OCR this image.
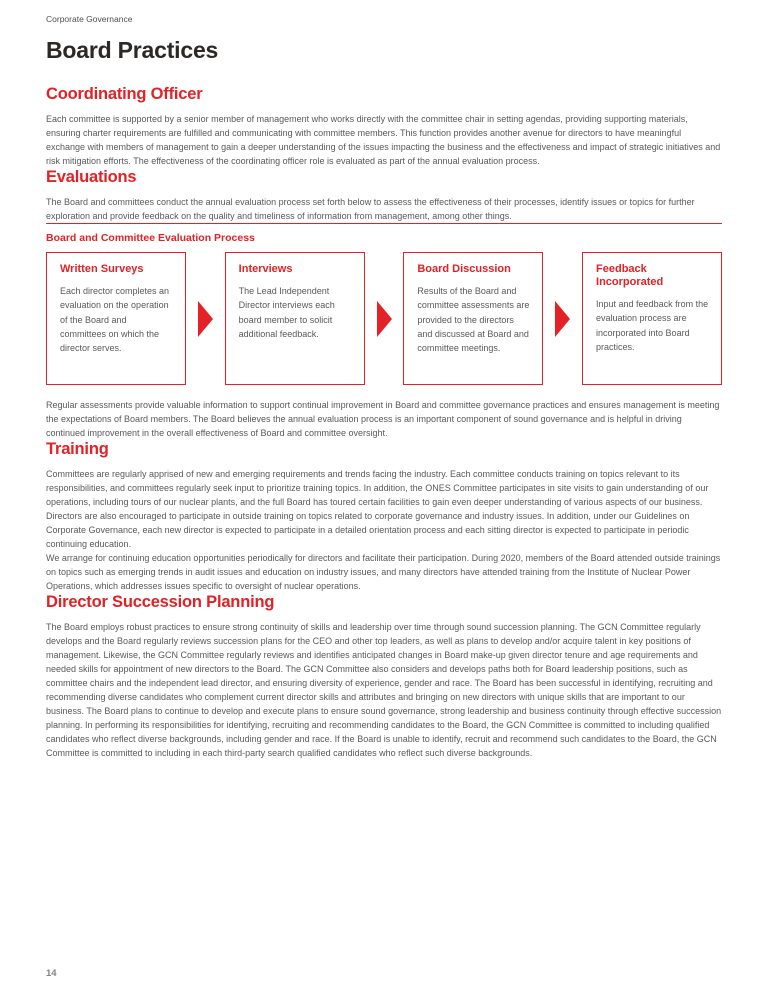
Corporate Governance
Board Practices
Coordinating Officer

Each committee is supported by a senior member of management who works directly with the committee chair in setting agendas, providing supporting materials, ensuring charter requirements are fulfilled and communicating with committee members. This function provides another avenue for directors to have meaningful exchange with members of management to gain a deeper understanding of the issues impacting the business and the effectiveness and impact of strategic initiatives and risk mitigation efforts. The effectiveness of the coordinating officer role is evaluated as part of the annual evaluation process.

Evaluations

The Board and committees conduct the annual evaluation process set forth below to assess the effectiveness of their processes, identify issues or topics for further exploration and provide feedback on the quality and timeliness of information from management, among other things.

Board and Committee Evaluation Process
Written Surveys
Each director completes an evaluation on the operation of the Board and committees on which the director serves.
Interviews
The Lead Independent Director interviews each board member to solicit additional feedback.
Board Discussion
Results of the Board and committee assessments are provided to the directors and discussed at Board and committee meetings.
Feedback Incorporated
Input and feedback from the evaluation process are incorporated into Board practices.

Regular assessments provide valuable information to support continual improvement in Board and committee governance practices and ensures management is meeting the expectations of Board members. The Board believes the annual evaluation process is an important component of sound governance and is helpful in driving continued improvement in the overall effectiveness of Board and committee oversight.

Training

Committees are regularly apprised of new and emerging requirements and trends facing the industry. Each committee conducts training on topics relevant to its responsibilities, and committees regularly seek input to prioritize training topics. In addition, the ONES Committee participates in site visits to gain understanding of our operations, including tours of our nuclear plants, and the full Board has toured certain facilities to gain even deeper understanding of various aspects of our business. Directors are also encouraged to participate in outside training on topics related to corporate governance and industry issues. In addition, under our Guidelines on Corporate Governance, each new director is expected to participate in a detailed orientation process and each sitting director is expected to participate in periodic continuing education.

We arrange for continuing education opportunities periodically for directors and facilitate their participation. During 2020, members of the Board attended outside trainings on topics such as emerging trends in audit issues and education on industry issues, and many directors have attended training from the Institute of Nuclear Power Operations, which addresses issues specific to oversight of nuclear operations.

Director Succession Planning

The Board employs robust practices to ensure strong continuity of skills and leadership over time through sound succession planning. The GCN Committee regularly develops and the Board regularly reviews succession plans for the CEO and other top leaders, as well as plans to develop and/or acquire talent in key positions of management. Likewise, the GCN Committee regularly reviews and identifies anticipated changes in Board make-up given director tenure and age requirements and needed skills for appointment of new directors to the Board. The GCN Committee also considers and develops paths both for Board leadership positions, such as committee chairs and the independent lead director, and ensuring diversity of experience, gender and race. The Board has been successful in identifying, recruiting and recommending diverse candidates who complement current director skills and attributes and bringing on new directors with unique skills that are important to our business. The Board plans to continue to develop and execute plans to ensure sound governance, strong leadership and business continuity through effective succession planning. In performing its responsibilities for identifying, recruiting and recommending candidates to the Board, the GCN Committee is committed to including qualified candidates who reflect diverse backgrounds, including gender and race. If the Board is unable to identify, recruit and recommend such candidates to the Board, the GCN Committee is committed to including in each third-party search qualified candidates who reflect such diverse backgrounds.

14
